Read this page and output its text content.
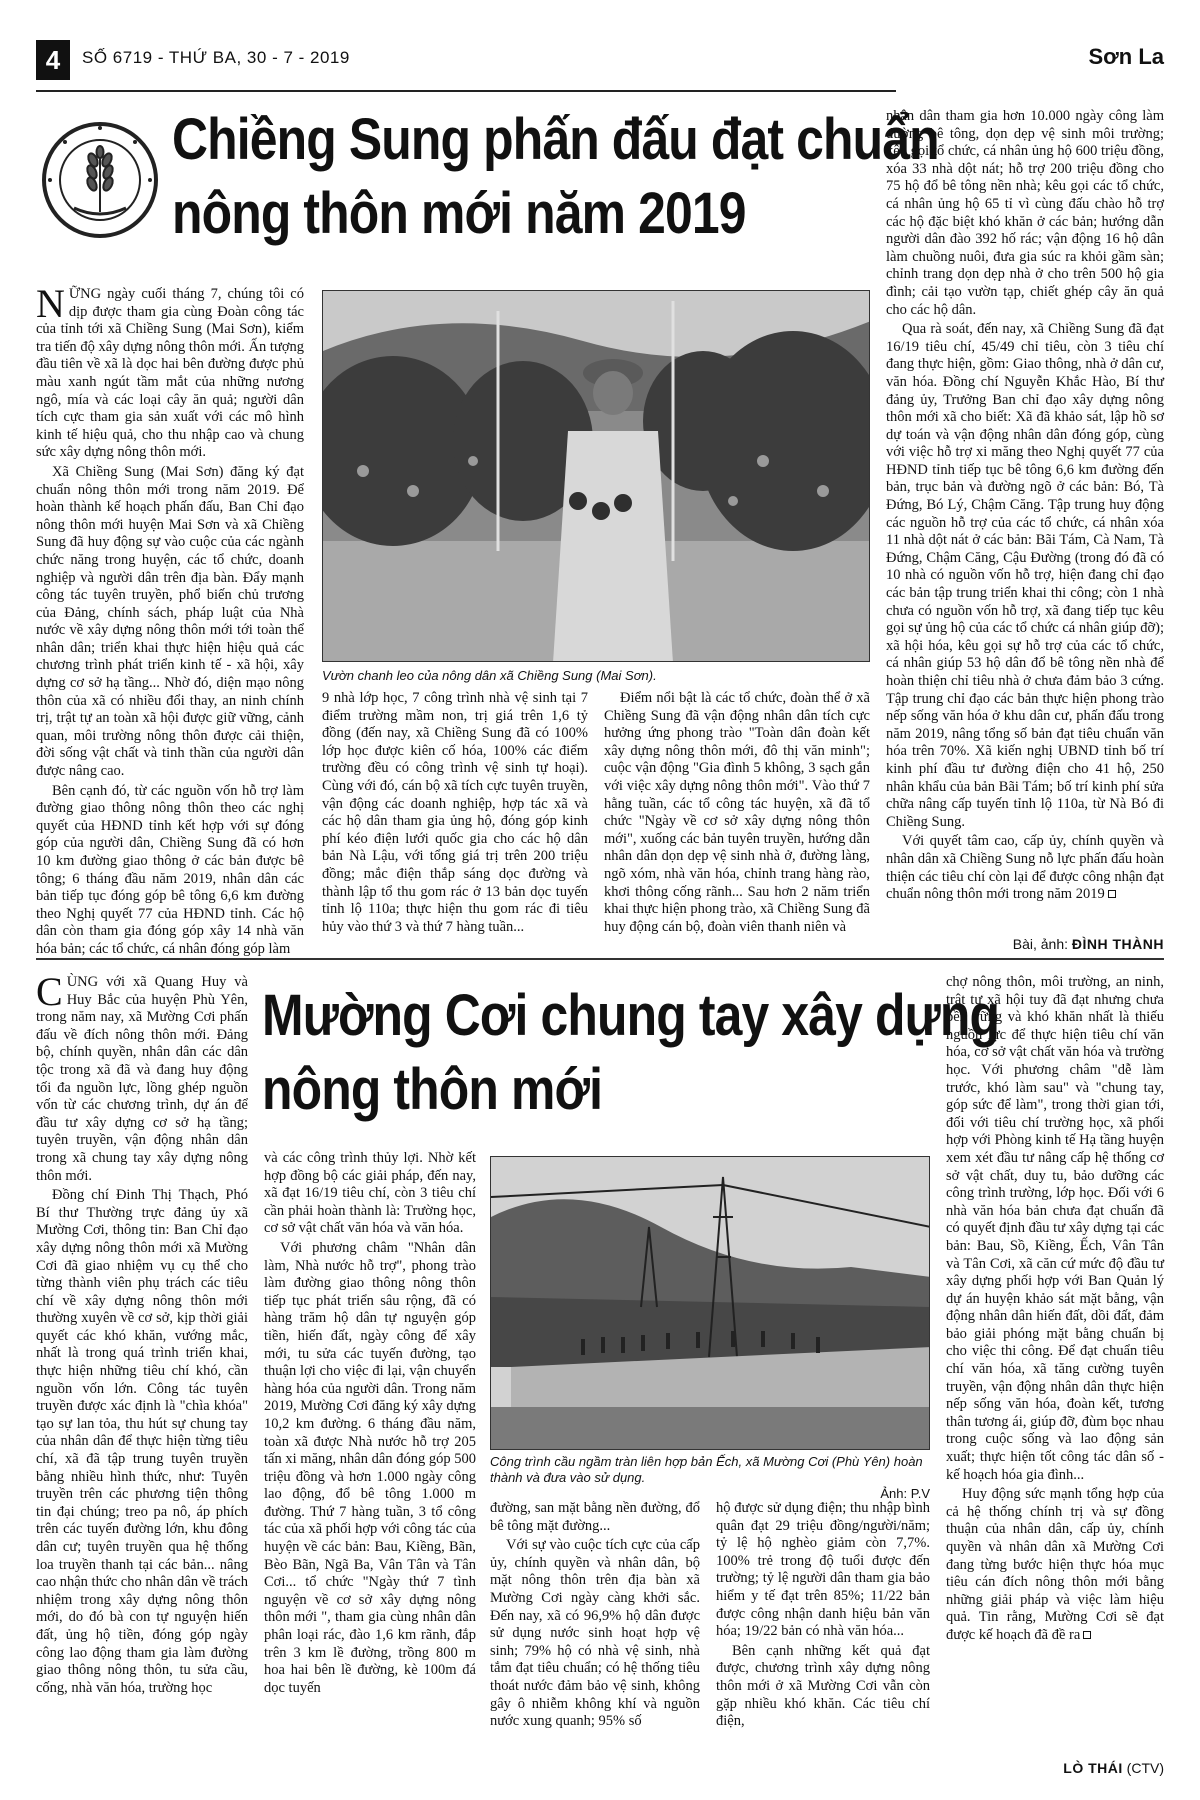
4	SỐ 6719 - THỨ BA, 30 - 7 - 2019	Sơn La
Chiềng Sung phấn đấu đạt chuẩn
nông thôn mới năm 2019

NỮNG ngày cuối tháng 7, chúng tôi có dịp được tham gia cùng Đoàn công tác của tỉnh tới xã Chiềng Sung (Mai Sơn), kiểm tra tiến độ xây dựng nông thôn mới. Ấn tượng đầu tiên về xã là dọc hai bên đường được phủ màu xanh ngút tầm mắt của những nương ngô, mía và các loại cây ăn quả; người dân tích cực tham gia sản xuất với các mô hình kinh tế hiệu quả, cho thu nhập cao và chung sức xây dựng nông thôn mới.

Xã Chiềng Sung (Mai Sơn) đăng ký đạt chuẩn nông thôn mới trong năm 2019. Để hoàn thành kế hoạch phấn đấu, Ban Chỉ đạo nông thôn mới huyện Mai Sơn và xã Chiềng Sung đã huy động sự vào cuộc của các ngành chức năng trong huyện, các tổ chức, doanh nghiệp và người dân trên địa bàn. Đẩy mạnh công tác tuyên truyền, phổ biến chủ trương của Đảng, chính sách, pháp luật của Nhà nước về xây dựng nông thôn mới tới toàn thể nhân dân; triển khai thực hiện hiệu quả các chương trình phát triển kinh tế - xã hội, xây dựng cơ sở hạ tầng... Nhờ đó, diện mạo nông thôn của xã có nhiều đổi thay, an ninh chính trị, trật tự an toàn xã hội được giữ vững, cảnh quan, môi trường nông thôn được cải thiện, đời sống vật chất và tinh thần của người dân được nâng cao.

Bên cạnh đó, từ các nguồn vốn hỗ trợ làm đường giao thông nông thôn theo các nghị quyết của HĐND tỉnh kết hợp với sự đóng góp của người dân, Chiềng Sung đã có hơn 10 km đường giao thông ở các bản được bê tông; 6 tháng đầu năm 2019, nhân dân các bản tiếp tục đóng góp bê tông 6,6 km đường theo Nghị quyết 77 của HĐND tỉnh. Các hộ dân còn tham gia đóng góp xây 14 nhà văn hóa bản; các tổ chức, cá nhân đóng góp làm

Vườn chanh leo của nông dân xã Chiềng Sung (Mai Sơn).

9 nhà lớp học, 7 công trình nhà vệ sinh tại 7 điểm trường mầm non, trị giá trên 1,6 tỷ đồng (đến nay, xã Chiềng Sung đã có 100% lớp học được kiên cố hóa, 100% các điểm trường đều có công trình vệ sinh tự hoại). Cùng với đó, cán bộ xã tích cực tuyên truyền, vận động các doanh nghiệp, hợp tác xã và các hộ dân tham gia ủng hộ, đóng góp kinh phí kéo điện lưới quốc gia cho các hộ dân bản Nà Lậu, với tổng giá trị trên 200 triệu đồng; mắc điện thắp sáng dọc đường và thành lập tổ thu gom rác ở 13 bản dọc tuyến tỉnh lộ 110a; thực hiện thu gom rác đi tiêu hủy vào thứ 3 và thứ 7 hàng tuần...

Điểm nổi bật là các tổ chức, đoàn thể ở xã Chiềng Sung đã vận động nhân dân tích cực hưởng ứng phong trào "Toàn dân đoàn kết xây dựng nông thôn mới, đô thị văn minh"; cuộc vận động "Gia đình 5 không, 3 sạch gắn với việc xây dựng nông thôn mới". Vào thứ 7 hằng tuần, các tổ công tác huyện, xã đã tổ chức "Ngày về cơ sở xây dựng nông thôn mới", xuống các bản tuyên truyền, hướng dẫn nhân dân dọn dẹp vệ sinh nhà ở, đường làng, ngõ xóm, nhà văn hóa, chỉnh trang hàng rào, khơi thông cống rãnh... Sau hơn 2 năm triển khai thực hiện phong trào, xã Chiềng Sung đã huy động cán bộ, đoàn viên thanh niên và

nhân dân tham gia hơn 10.000 ngày công làm đường bê tông, dọn dẹp vệ sinh môi trường; kêu gọi tổ chức, cá nhân ủng hộ 600 triệu đồng, xóa 33 nhà dột nát; hỗ trợ 200 triệu đồng cho 75 hộ đổ bê tông nền nhà; kêu gọi các tổ chức, cá nhân ủng hộ 65 tỉ vì cùng đấu chào hỗ trợ các hộ đặc biệt khó khăn ở các bản; hướng dẫn người dân đào 392 hố rác; vận động 16 hộ dân làm chuồng nuôi, đưa gia súc ra khỏi gầm sàn; chỉnh trang dọn dẹp nhà ở cho trên 500 hộ gia đình; cải tạo vườn tạp, chiết ghép cây ăn quả cho các hộ dân.

Qua rà soát, đến nay, xã Chiềng Sung đã đạt 16/19 tiêu chí, 45/49 chỉ tiêu, còn 3 tiêu chí đang thực hiện, gồm: Giao thông, nhà ở dân cư, văn hóa. Đồng chí Nguyễn Khắc Hào, Bí thư đảng ủy, Trưởng Ban chỉ đạo xây dựng nông thôn mới xã cho biết: Xã đã khảo sát, lập hồ sơ dự toán và vận động nhân dân đóng góp, cùng với việc hỗ trợ xi măng theo Nghị quyết 77 của HĐND tỉnh tiếp tục bê tông 6,6 km đường đến bản, trục bản và đường ngõ ở các bản: Bó, Tà Đứng, Bó Lý, Chậm Căng. Tập trung huy động các nguồn hỗ trợ của các tổ chức, cá nhân xóa 11 nhà dột nát ở các bản: Bãi Tám, Cà Nam, Tà Đứng, Chậm Căng, Cậu Đường (trong đó đã có 10 nhà có nguồn vốn hỗ trợ, hiện đang chỉ đạo các bản tập trung triển khai thi công; còn 1 nhà chưa có nguồn vốn hỗ trợ, xã đang tiếp tục kêu gọi sự ủng hộ của các tổ chức cá nhân giúp đỡ); xã hội hóa, kêu gọi sự hỗ trợ của các tổ chức, cá nhân giúp 53 hộ dân đổ bê tông nền nhà để hoàn thiện chỉ tiêu nhà ở chưa đảm bảo 3 cứng. Tập trung chỉ đạo các bản thực hiện phong trào nếp sống văn hóa ở khu dân cư, phấn đấu trong năm 2019, nâng tổng số bản đạt tiêu chuẩn văn hóa trên 70%. Xã kiến nghị UBND tỉnh bố trí kinh phí đầu tư đường điện cho 41 hộ, 250 nhân khẩu của bản Bãi Tám; bố trí kinh phí sửa chữa nâng cấp tuyến tỉnh lộ 110a, từ Nà Bó đi Chiềng Sung.

Với quyết tâm cao, cấp ủy, chính quyền và nhân dân xã Chiềng Sung nỗ lực phấn đấu hoàn thiện các tiêu chí còn lại để được công nhận đạt chuẩn nông thôn mới trong năm 2019

Bài, ảnh: ĐÌNH THÀNH
Mường Cơi chung tay xây dựng
nông thôn mới

CÙNG với xã Quang Huy và Huy Bắc của huyện Phù Yên, trong năm nay, xã Mường Cơi phấn đấu về đích nông thôn mới. Đảng bộ, chính quyền, nhân dân các dân tộc trong xã đã và đang huy động tối đa nguồn lực, lồng ghép nguồn vốn từ các chương trình, dự án để đầu tư xây dựng cơ sở hạ tầng; tuyên truyền, vận động nhân dân trong xã chung tay xây dựng nông thôn mới.

Đồng chí Đinh Thị Thạch, Phó Bí thư Thường trực đảng ủy xã Mường Cơi, thông tin: Ban Chỉ đạo xây dựng nông thôn mới xã Mường Cơi đã giao nhiệm vụ cụ thể cho từng thành viên phụ trách các tiêu chí về xây dựng nông thôn mới thường xuyên về cơ sở, kịp thời giải quyết các khó khăn, vướng mắc, nhất là trong quá trình triển khai, thực hiện những tiêu chí khó, cần nguồn vốn lớn. Công tác tuyên truyền được xác định là "chìa khóa" tạo sự lan tỏa, thu hút sự chung tay của nhân dân để thực hiện từng tiêu chí, xã đã tập trung tuyên truyền bằng nhiều hình thức, như: Tuyên truyền trên các phương tiện thông tin đại chúng; treo pa nô, áp phích trên các tuyến đường lớn, khu đông dân cư; tuyên truyền qua hệ thống loa truyền thanh tại các bản... nâng cao nhận thức cho nhân dân về trách nhiệm trong xây dựng nông thôn mới, do đó bà con tự nguyện hiến đất, ủng hộ tiền, đóng góp ngày công lao động tham gia làm đường giao thông nông thôn, tu sửa cầu, cống, nhà văn hóa, trường học

và các công trình thủy lợi. Nhờ kết hợp đồng bộ các giải pháp, đến nay, xã đạt 16/19 tiêu chí, còn 3 tiêu chí cần phải hoàn thành là: Trường học, cơ sở vật chất văn hóa và văn hóa.

Với phương châm "Nhân dân làm, Nhà nước hỗ trợ", phong trào làm đường giao thông nông thôn tiếp tục phát triển sâu rộng, đã có hàng trăm hộ dân tự nguyện góp tiền, hiến đất, ngày công để xây mới, tu sửa các tuyến đường, tạo thuận lợi cho việc đi lại, vận chuyển hàng hóa của người dân. Trong năm 2019, Mường Cơi đăng ký xây dựng 10,2 km đường. 6 tháng đầu năm, toàn xã được Nhà nước hỗ trợ 205 tấn xi măng, nhân dân đóng góp 500 triệu đồng và hơn 1.000 ngày công lao động, đổ bê tông 1.000 m đường. Thứ 7 hàng tuần, 3 tổ công tác của xã phối hợp với công tác của huyện về các bản: Bau, Kiềng, Bãn, Bèo Bãn, Ngã Ba, Vân Tân và Tân Cơi... tổ chức "Ngày thứ 7 tình nguyện về cơ sở xây dựng nông thôn mới ", tham gia cùng nhân dân phân loại rác, đào 1,6 km rãnh, đắp trên 3 km lề đường, trồng 800 m hoa hai bên lề đường, kè 100m đá dọc tuyến

Công trình cầu ngầm tràn liên hợp bản Ếch, xã Mường Cơi (Phù Yên) hoàn thành và đưa vào sử dụng.
Ảnh: P.V

đường, san mặt bằng nền đường, đổ bê tông mặt đường...

Với sự vào cuộc tích cực của cấp ủy, chính quyền và nhân dân, bộ mặt nông thôn trên địa bàn xã Mường Cơi ngày càng khởi sắc. Đến nay, xã có 96,9% hộ dân được sử dụng nước sinh hoạt hợp vệ sinh; 79% hộ có nhà vệ sinh, nhà tắm đạt tiêu chuẩn; có hệ thống tiêu thoát nước đảm bảo vệ sinh, không gây ô nhiễm không khí và nguồn nước xung quanh; 95% số

hộ được sử dụng điện; thu nhập bình quân đạt 29 triệu đồng/người/năm; tỷ lệ hộ nghèo giảm còn 7,7%. 100% trẻ trong độ tuổi được đến trường; tỷ lệ người dân tham gia bảo hiểm y tế đạt trên 85%; 11/22 bản được công nhận danh hiệu bản văn hóa; 19/22 bản có nhà văn hóa...

Bên cạnh những kết quả đạt được, chương trình xây dựng nông thôn mới ở xã Mường Cơi vẫn còn gặp nhiều khó khăn. Các tiêu chí điện,

chợ nông thôn, môi trường, an ninh, trật tự xã hội tuy đã đạt nhưng chưa bền vững và khó khăn nhất là thiếu nguồn lực để thực hiện tiêu chí văn hóa, cơ sở vật chất văn hóa và trường học. Với phương châm "dễ làm trước, khó làm sau" và "chung tay, góp sức để làm", trong thời gian tới, đối với tiêu chí trường học, xã phối hợp với Phòng kinh tế Hạ tầng huyện xem xét đầu tư nâng cấp hệ thống cơ sở vật chất, duy tu, bảo dưỡng các công trình trường, lớp học. Đối với 6 nhà văn hóa bản chưa đạt chuẩn đã có quyết định đầu tư xây dựng tại các bản: Bau, Sồ, Kiềng, Ếch, Vân Tân và Tân Cơi, xã căn cứ mức độ đầu tư xây dựng phối hợp với Ban Quản lý dự án huyện khảo sát mặt bằng, vận động nhân dân hiến đất, dồi đất, đảm bảo giải phóng mặt bằng chuẩn bị cho việc thi công. Để đạt chuẩn tiêu chí văn hóa, xã tăng cường tuyên truyền, vận động nhân dân thực hiện nếp sống văn hóa, đoàn kết, tương thân tương ái, giúp đỡ, đùm bọc nhau trong cuộc sống và lao động sản xuất; thực hiện tốt công tác dân số - kế hoạch hóa gia đình...

Huy động sức mạnh tổng hợp của cả hệ thống chính trị và sự đồng thuận của nhân dân, cấp ủy, chính quyền và nhân dân xã Mường Cơi đang từng bước hiện thực hóa mục tiêu cán đích nông thôn mới bằng những giải pháp và việc làm hiệu quả. Tin rằng, Mường Cơi sẽ đạt được kế hoạch đã đề ra

LÒ THÁI (CTV)
